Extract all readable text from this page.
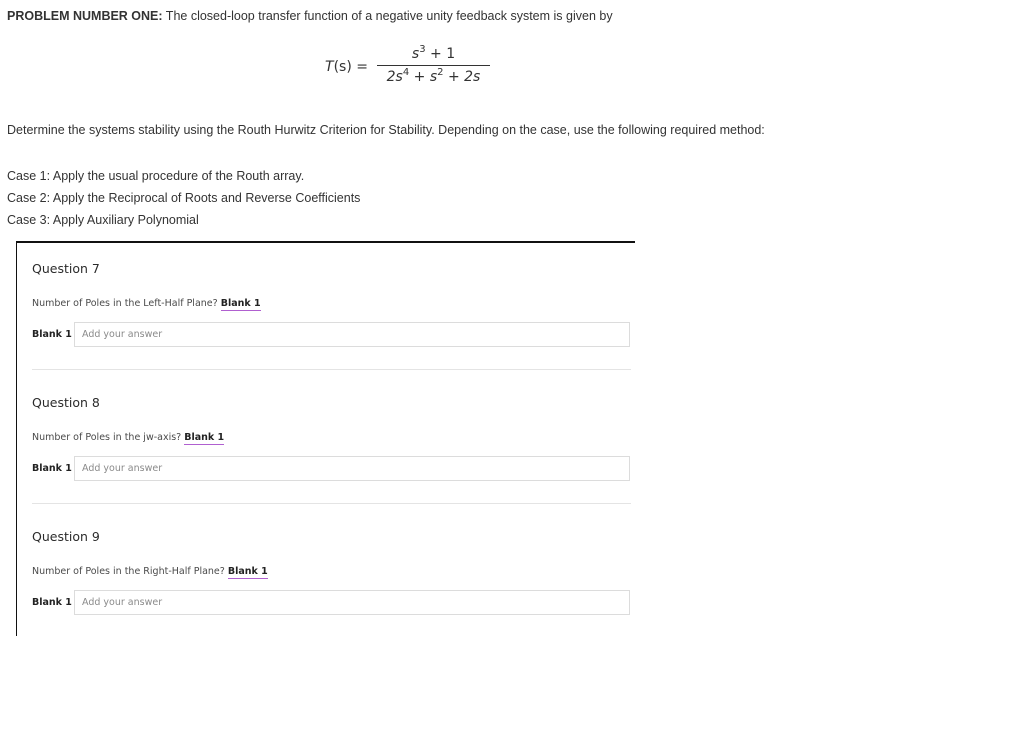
PROBLEM NUMBER ONE: The closed-loop transfer function of a negative unity feedback system is given by
T(s) =
$s^3 + 1$
$2s^4 + s^2 + 2s$
Determine the systems stability using the Routh Hurwitz Criterion for Stability. Depending on the case, use the following required method:
Case 1: Apply the usual procedure of the Routh array.
Case 2: Apply the Reciprocal of Roots and Reverse Coefficients
Case 3: Apply Auxiliary Polynomial
Question 7
Number of Poles in the Left-Half Plane? Blank 1
Blank 1
Add your answer
Question 8
Number of Poles in the jw-axis? Blank 1
Blank 1
Add your answer
Question 9
Number of Poles in the Right-Half Plane? Blank 1
Blank 1
Add your answer
